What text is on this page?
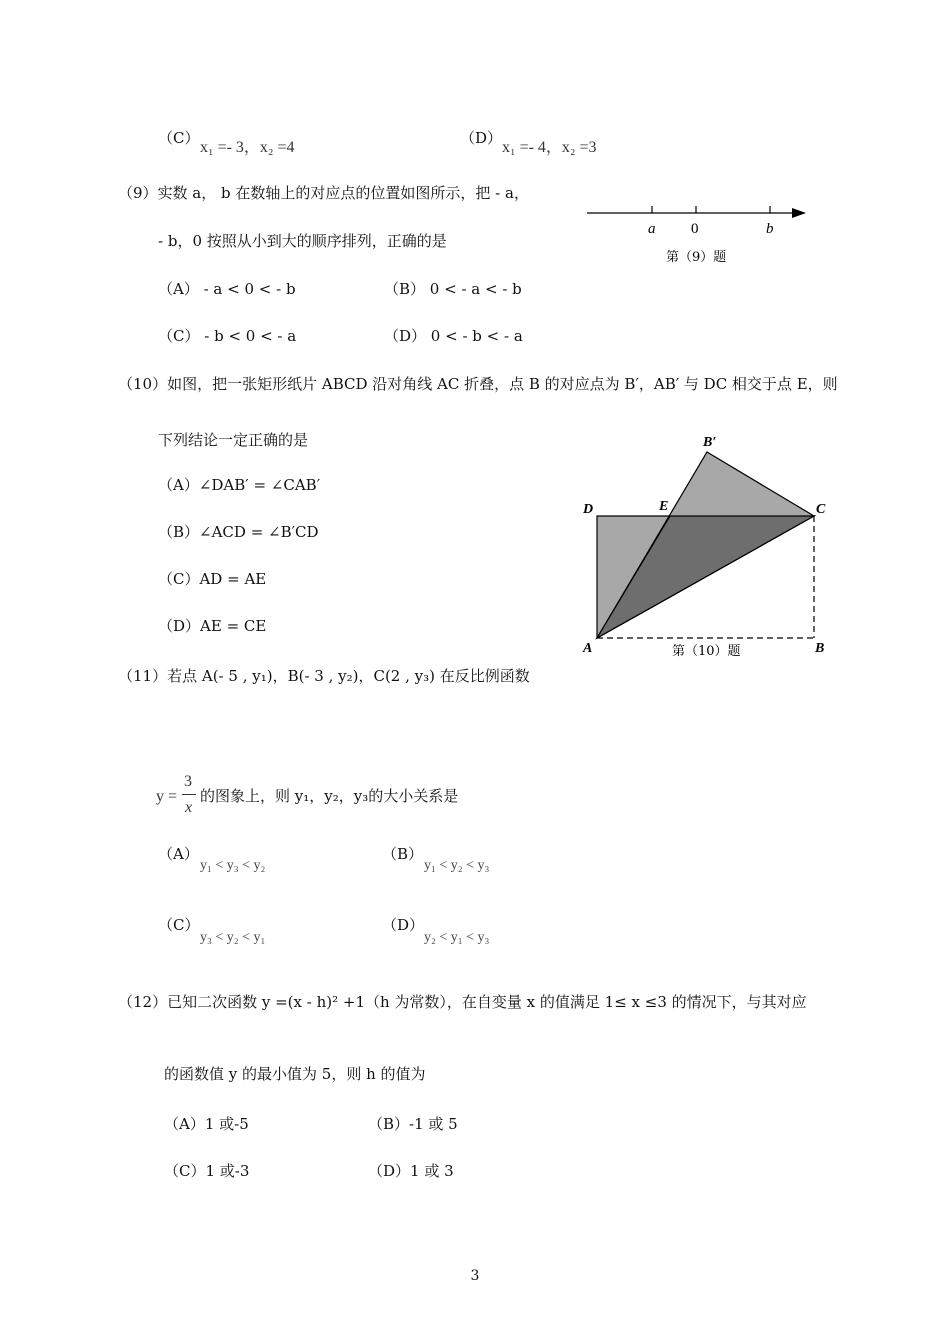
（C）
x₁ =- 3，x₂ =4
（D）
x₁ =- 4，x₂ =3
（9）实数 a， b 在数轴上的对应点的位置如图所示，把 - a，
- b，0 按照从小到大的顺序排列，正确的是
（A） - a < 0 < - b	（B） 0 < - a < - b
（C） - b < 0 < - a	（D） 0 < - b < - a
a 0	b
第（9）题
（10）如图，把一张矩形纸片 ABCD 沿对角线 AC 折叠，点 B 的对应点为 B′，AB′ 与 DC 相交于点 E，则
下列结论一定正确的是
（A）∠DAB′ = ∠CAB′
（B）∠ACD = ∠B′CD
（C）AD = AE
（D）AE = CE
B′
D	E	C
A	B
第（10）题
（11）若点 A(- 5 , y₁)，B(- 3 , y₂)，C(2 , y₃) 在反比例函数
y =
3
x
的图象上，则 y₁，y₂，y₃的大小关系是
（A）
y₁ < y₃ < y₂
（B）
y₁ < y₂ < y₃
（C）
y₃ < y₂ < y₁
（D）
y₂ < y₁ < y₃
（12）已知二次函数 y =(x - h)² +1（h 为常数），在自变量 x 的值满足 1≤ x ≤3 的情况下，与其对应
的函数值 y 的最小值为 5，则 h 的值为
（A）1 或-5	（B）-1 或 5
（C）1 或-3	（D）1 或 3
3
